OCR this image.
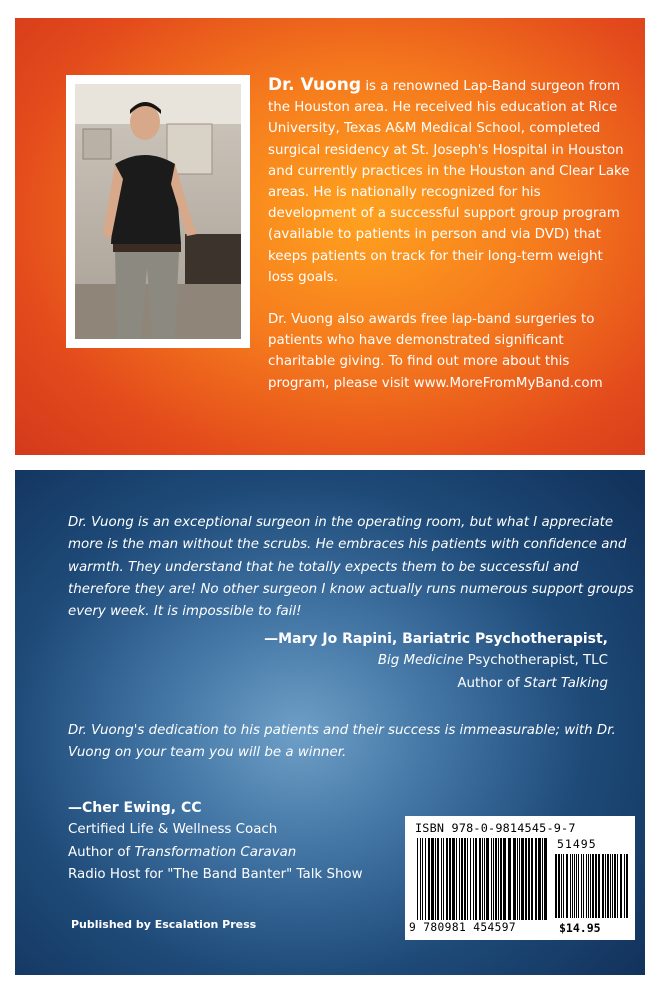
Dr. Vuong is a renowned Lap-Band surgeon from the Houston area. He received his education at Rice University, Texas A&M Medical School, completed surgical residency at St. Joseph's Hospital in Houston and currently practices in the Houston and Clear Lake areas. He is nationally recognized for his development of a successful support group program (available to patients in person and via DVD) that keeps patients on track for their long-term weight loss goals.

Dr. Vuong also awards free lap-band surgeries to patients who have demonstrated significant charitable giving. To find out more about this program, please visit www.MoreFromMyBand.com

Dr. Vuong is an exceptional surgeon in the operating room, but what I appreciate more is the man without the scrubs. He embraces his patients with confidence and warmth. They understand that he totally expects them to be successful and therefore they are! No other surgeon I know actually runs numerous support groups every week. It is impossible to fail!

—Mary Jo Rapini, Bariatric Psychotherapist,
Big Medicine Psychotherapist, TLC
Author of Start Talking
Dr. Vuong's dedication to his patients and their success is immeasurable; with Dr. Vuong on your team you will be a winner.
—Cher Ewing, CC
Certified Life & Wellness Coach
Author of Transformation Caravan
Radio Host for "The Band Banter" Talk Show
Published by Escalation Press
ISBN 978-0-9814545-9-7
51495
9 780981 454597	$14.95
